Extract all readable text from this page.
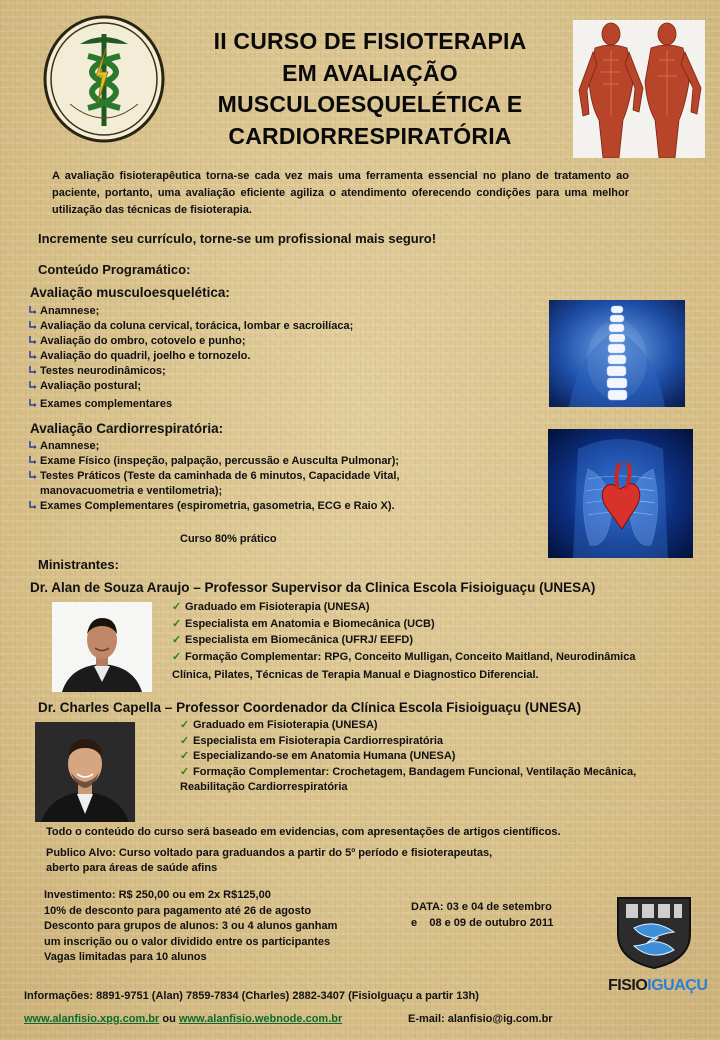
II CURSO DE FISIOTERAPIA
EM AVALIAÇÃO
MUSCULOESQUELÉTICA E
CARDIORRESPIRATÓRIA
A avaliação fisioterapêutica torna-se cada vez mais uma ferramenta essencial no plano de tratamento ao paciente, portanto, uma avaliação eficiente agiliza o atendimento oferecendo condições para uma melhor utilização das técnicas de fisioterapia.
Incremente seu currículo, torne-se um profissional mais seguro!
Conteúdo Programático:
Avaliação musculoesquelética:
Anamnese;
Avaliação da coluna cervical, torácica, lombar e sacroilíaca;
Avaliação do ombro, cotovelo e punho;
Avaliação do quadril, joelho e tornozelo.
Testes neurodinâmicos;
Avaliação postural;
Exames complementares
Avaliação Cardiorrespiratória:
Anamnese;
Exame Físico (inspeção, palpação, percussão e Ausculta Pulmonar);
Testes Práticos (Teste da caminhada de 6 minutos, Capacidade Vital,
manovacuometria e ventilometria);
Exames Complementares (espirometria, gasometria, ECG e Raio X).
Curso 80% prático
Ministrantes:
Dr. Alan de Souza Araujo – Professor Supervisor da Clinica Escola Fisioiguaçu (UNESA)
✓ Graduado em Fisioterapia (UNESA)
✓ Especialista em Anatomia e Biomecânica (UCB)
✓ Especialista em Biomecânica (UFRJ/ EEFD)
✓ Formação Complementar: RPG, Conceito Mulligan, Conceito Maitland, Neurodinâmica
Clínica, Pilates, Técnicas de Terapia Manual e Diagnostico Diferencial.
Dr. Charles Capella – Professor Coordenador da Clínica Escola Fisioiguaçu (UNESA)
✓ Graduado em Fisioterapia (UNESA)
✓ Especialista em Fisioterapia Cardiorrespiratória
✓ Especializando-se em Anatomia Humana (UNESA)
✓ Formação Complementar: Crochetagem, Bandagem Funcional, Ventilação Mecânica,
Reabilitação Cardiorrespiratória
Todo o conteúdo do curso será baseado em evidencias, com apresentações de artigos científicos.
Publico Alvo: Curso voltado para graduandos a partir do 5º período e fisioterapeutas,
aberto para áreas de saúde afins
Investimento: R$ 250,00 ou em 2x R$125,00
10% de desconto para pagamento até 26 de agosto
Desconto para grupos de alunos: 3 ou 4 alunos ganham
um inscrição ou o valor dividido entre os participantes
Vagas limitadas para 10 alunos
DATA: 03 e 04 de setembro
e    08 e 09 de outubro 2011
FISIOIGUAÇU
Informações: 8891-9751 (Alan) 7859-7834 (Charles) 2882-3407 (FisioIguaçu a partir 13h)
www.alanfisio.xpg.com.br ou www.alanfisio.webnode.com.br	E-mail: alanfisio@ig.com.br
